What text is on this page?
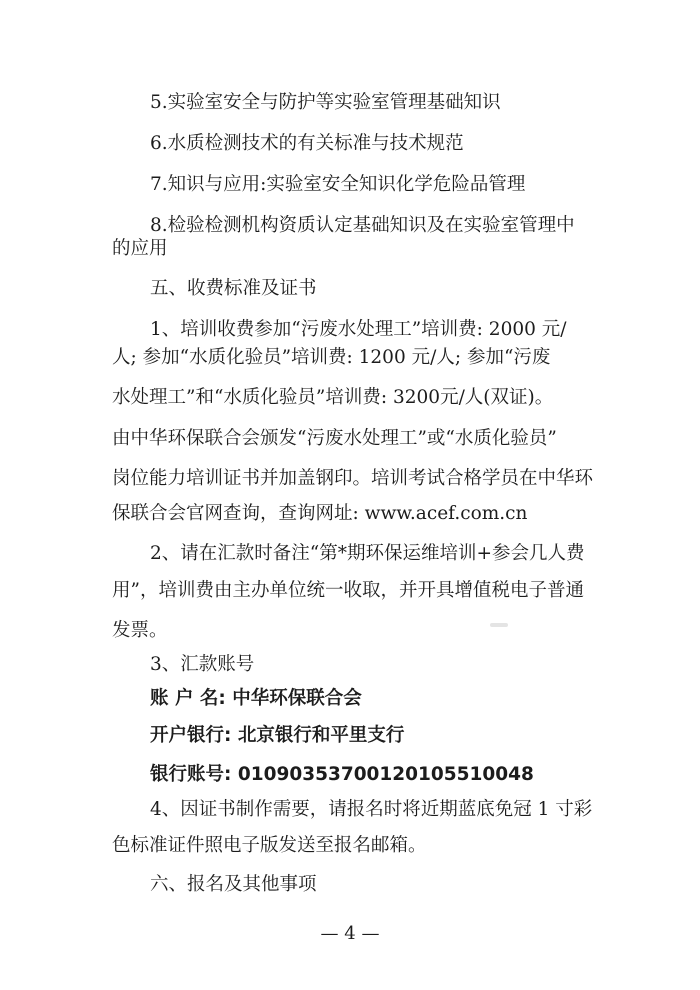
5.实验室安全与防护等实验室管理基础知识
6.水质检测技术的有关标准与技术规范
7.知识与应用:实验室安全知识化学危险品管理
8.检验检测机构资质认定基础知识及在实验室管理中
的应用
五、收费标准及证书
1、培训收费参加“污废水处理工”培训费: 2000 元/
人; 参加“水质化验员”培训费: 1200 元/人; 参加“污废
水处理工”和“水质化验员”培训费: 3200元/人(双证)。
由中华环保联合会颁发“污废水处理工”或“水质化验员”
岗位能力培训证书并加盖钢印。培训考试合格学员在中华环
保联合会官网查询，查询网址: www.acef.com.cn
2、请在汇款时备注“第*期环保运维培训+参会几人费
用”，培训费由主办单位统一收取，并开具增值税电子普通
发票。
3、汇款账号
账 户 名: 中华环保联合会
开户银行: 北京银行和平里支行
银行账号: 01090353700120105510048
4、因证书制作需要，请报名时将近期蓝底免冠 1 寸彩
色标准证件照电子版发送至报名邮箱。
六、报名及其他事项
— 4 —
